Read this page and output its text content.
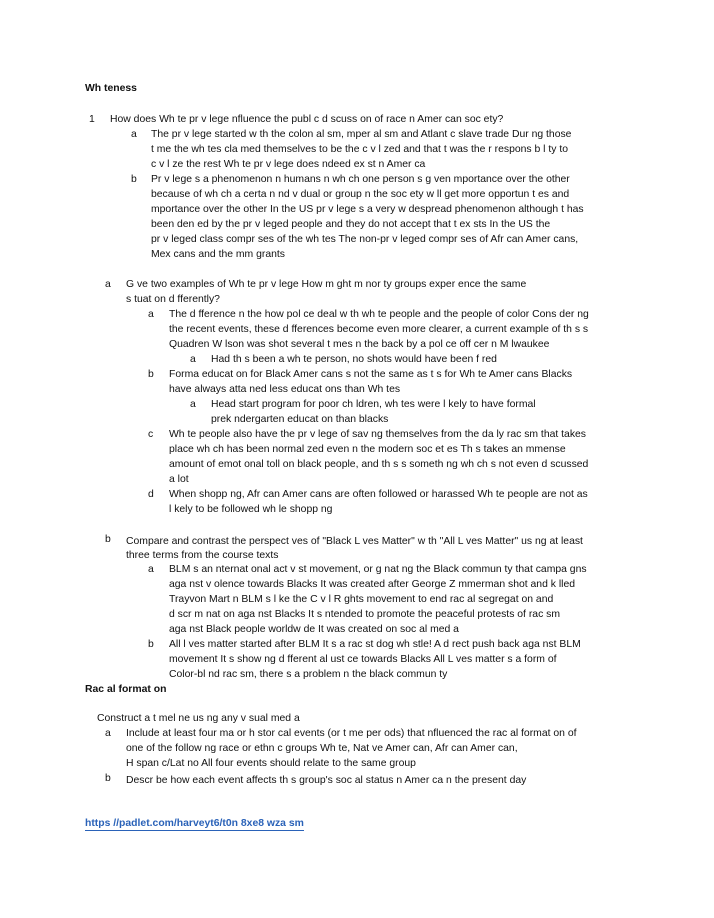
Wh teness
1 How does Wh te pr v lege nfluence the publ c d scuss on of race n Amer can soc ety?
a The pr v lege started w th the colon al sm, mper al sm and Atlant c slave trade Dur ng those
t me the wh tes cla med themselves to be the c v l zed and that t was the r respons b l ty to
c v l ze the rest Wh te pr v lege does ndeed ex st n Amer ca
b Pr v lege s a phenomenon n humans n wh ch one person s g ven mportance over the other
because of wh ch a certa n nd v dual or group n the soc ety w ll get more opportun t es and
mportance over the other In the US pr v lege s a very w despread phenomenon although t has
been den ed by the pr v leged people and they do not accept that t ex sts In the US the
pr v leged class compr ses of the wh tes The non-pr v leged compr ses of Afr can Amer cans,
Mex cans and the mm grants
a G ve two examples of Wh te pr v lege How m ght m nor ty groups exper ence the same
s tuat on d fferently?
a The d fference n the how pol ce deal w th wh te people and the people of color Cons der ng
the recent events, these d fferences become even more clearer, a current example of th s s
Quadren W lson was shot several t mes n the back by a pol ce off cer n M lwaukee
a Had th s been a wh te person, no shots would have been f red
b Forma educat on for Black Amer cans s not the same as t s for Wh te Amer cans Blacks
have always atta ned less educat ons than Wh tes
a Head start program for poor ch ldren, wh tes were l kely to have formal
prek ndergarten educat on than blacks
c Wh te people also have the pr v lege of sav ng themselves from the da ly rac sm that takes
place wh ch has been normal zed even n the modern soc et es Th s takes an mmense
amount of emot onal toll on black people, and th s s someth ng wh ch s not even d scussed
a lot
d When shopp ng, Afr can Amer cans are often followed or harassed Wh te people are not as
l kely to be followed wh le shopp ng
b Compare and contrast the perspect ves of "Black L ves Matter" w th "All L ves Matter" us ng at least
three terms from the course texts
a BLM s an nternat onal act v st movement, or g nat ng the Black commun ty that campa gns
aga nst v olence towards Blacks It was created after George Z mmerman shot and k lled
Trayvon Mart n BLM s l ke the C v l R ghts movement to end rac al segregat on and
d scr m nat on aga nst Blacks It s ntended to promote the peaceful protests of rac sm
aga nst Black people worldw de It was created on soc al med a
b All l ves matter started after BLM It s a rac st dog wh stle! A d rect push back aga nst BLM
movement It s show ng d fferent al ust ce towards Blacks All L ves matter s a form of
Color-bl nd rac sm, there s a problem n the black commun ty
Rac al format on
Construct a t mel ne us ng any v sual med a
a Include at least four ma or h stor cal events (or t me per ods) that nfluenced the rac al format on of
one of the follow ng race or ethn c groups Wh te, Nat ve Amer can, Afr can Amer can,
H span c/Lat no All four events should relate to the same group
b Descr be how each event affects th s group's soc al status n Amer ca n the present day
https //padlet.com/harveyt6/t0n 8xe8 wza sm
